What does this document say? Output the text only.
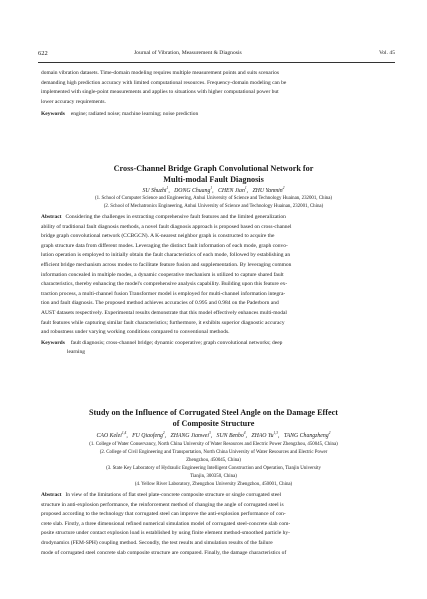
622	Journal of Vibration, Measurement & Diagnosis	Vol. 45

domain vibration datasets. Time-domain modeling requires multiple measurement points and suits scenarios

demanding high prediction accuracy with limited computational resources. Frequency-domain modeling can be

implemented with single-point measurements and applies to situations with higher computational power but

lower accuracy requirements.

Keywords engine; radiated noise; machine learning; noise prediction
Cross-Channel Bridge Graph Convolutional Network for
Multi-modal Fault Diagnosis
SU Shuzhi$^1$,   DONG Chuang$^1$,   CHEN Jian$^1$,   ZHU Yanmin$^2$
(1. School of Computer Science and Engineering, Anhui University of Science and Technology Huainan, 232001, China)
(2. School of Mechatronics Engineering, Anhui University of Science and Technology Huainan, 232001, China)

Abstract Considering the challenges in extracting comprehensive fault features and the limited generalization

ability of traditional fault diagnosis methods, a novel fault diagnosis approach is proposed based on cross-channel

bridge graph convolutional network (CCBGCN). A K-nearest neighbor graph is constructed to acquire the

graph structure data from different modes. Leveraging the distinct fault information of each mode, graph convo-

lution operation is employed to initially obtain the fault characteristics of each mode, followed by establishing an

efficient bridge mechanism across modes to facilitate feature fusion and supplementation. By leveraging common

information concealed in multiple modes, a dynamic cooperative mechanism is utilized to capture shared fault

characteristics, thereby enhancing the model's comprehensive analysis capability. Building upon this feature ex-

traction process, a multi-channel fusion Transformer model is employed for multi-channel information integra-

tion and fault diagnosis. The proposed method achieves accuracies of 0.995 and 0.984 on the Paderborn and

AUST datasets respectively. Experimental results demonstrate that this model effectively enhances multi-modal

fault features while capturing similar fault characteristics; furthermore, it exhibits superior diagnostic accuracy

and robustness under varying working conditions compared to conventional methods.

Keywords fault diagnosis; cross-channel bridge; dynamic cooperative; graph convolutional networks; deep
learning
Study on the Influence of Corrugated Steel Angle on the Damage Effect
of Composite Structure
CAO Kelei$^{1,4}$,   FU Qiaofeng$^2$,   ZHANG Jianwei$^3$,   SUN Benbo$^4$,   ZHAO Yu$^{1,3}$,   TANG Changzheng$^2$
(1. College of Water Conservancy, North China University of Water Resources and Electric Power Zhengzhou, 450045, China)
(2. College of Civil Engineering and Transportation, North China University of Water Resources and Electric Power
Zhengzhou, 450045, China)
(3. State Key Laboratory of Hydraulic Engineering Intelligent Construction and Operation, Tianjin University
Tianjin, 300350, China)
(4. Yellow River Laboratory, Zhengzhou University Zhengzhou, 450001, China)

Abstract In view of the limitations of flat steel plate-concrete composite structure or single corrugated steel

structure in anti-explosion performance, the reinforcement method of changing the angle of corrugated steel is

proposed according to the technology that corrugated steel can improve the anti-explosion performance of con-

crete slab. Firstly, a three dimensional refined numerical simulation model of corrugated steel-concrete slab com-

posite structure under contact explosion load is established by using finite element method-smoothed particle hy-

drodynamics (FEM-SPH) coupling method. Secondly, the test results and simulation results of the failure

mode of corrugated steel concrete slab composite structure are compared. Finally, the damage characteristics of
